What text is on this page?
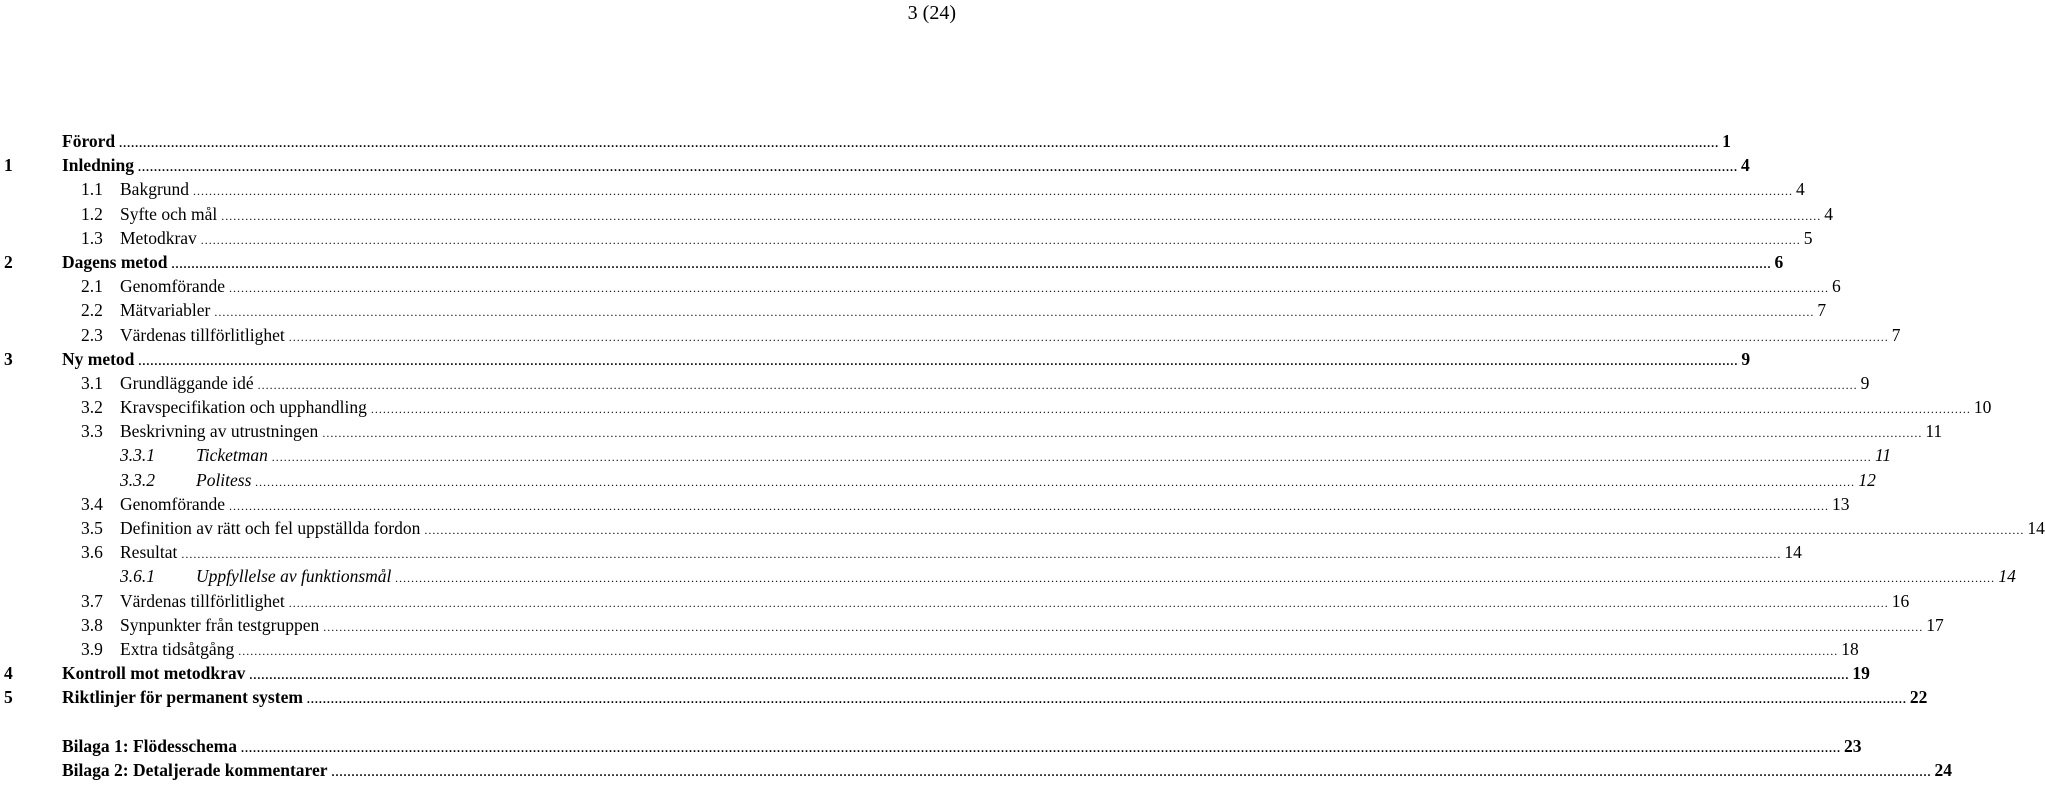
3 (24)
Förord ................................................................................................................................................................................................................................................................................................................................................................................................................ 1
1	Inledning ................................................................................................................................................................................................................................................................................................................................................................................................................ 4
1.1 Bakgrund ................................................................................................................................................................................................................................................................................................................................................................................................................ 4
1.2 Syfte och mål ................................................................................................................................................................................................................................................................................................................................................................................................................ 4
1.3 Metodkrav ................................................................................................................................................................................................................................................................................................................................................................................................................ 5
2	Dagens metod ................................................................................................................................................................................................................................................................................................................................................................................................................ 6
2.1 Genomförande ................................................................................................................................................................................................................................................................................................................................................................................................................ 6
2.2 Mätvariabler ................................................................................................................................................................................................................................................................................................................................................................................................................ 7
2.3 Värdenas tillförlitlighet ................................................................................................................................................................................................................................................................................................................................................................................................................ 7
3	Ny metod ................................................................................................................................................................................................................................................................................................................................................................................................................ 9
3.1 Grundläggande idé ................................................................................................................................................................................................................................................................................................................................................................................................................ 9
3.2 Kravspecifikation och upphandling ................................................................................................................................................................................................................................................................................................................................................................................................................ 10
3.3 Beskrivning av utrustningen ................................................................................................................................................................................................................................................................................................................................................................................................................ 11
3.3.1 Ticketman ................................................................................................................................................................................................................................................................................................................................................................................................................ 11
3.3.2 Politess ................................................................................................................................................................................................................................................................................................................................................................................................................ 12
3.4 Genomförande ................................................................................................................................................................................................................................................................................................................................................................................................................ 13
3.5 Definition av rätt och fel uppställda fordon ................................................................................................................................................................................................................................................................................................................................................................................................................ 14
3.6 Resultat ................................................................................................................................................................................................................................................................................................................................................................................................................ 14
3.6.1 Uppfyllelse av funktionsmål ................................................................................................................................................................................................................................................................................................................................................................................................................ 14
3.7 Värdenas tillförlitlighet ................................................................................................................................................................................................................................................................................................................................................................................................................ 16
3.8 Synpunkter från testgruppen ................................................................................................................................................................................................................................................................................................................................................................................................................ 17
3.9 Extra tidsåtgång ................................................................................................................................................................................................................................................................................................................................................................................................................ 18
4	Kontroll mot metodkrav ................................................................................................................................................................................................................................................................................................................................................................................................................ 19
5	Riktlinjer för permanent system ................................................................................................................................................................................................................................................................................................................................................................................................................ 22
Bilaga 1: Flödesschema ................................................................................................................................................................................................................................................................................................................................................................................................................ 23
Bilaga 2: Detaljerade kommentarer ................................................................................................................................................................................................................................................................................................................................................................................................................ 24
